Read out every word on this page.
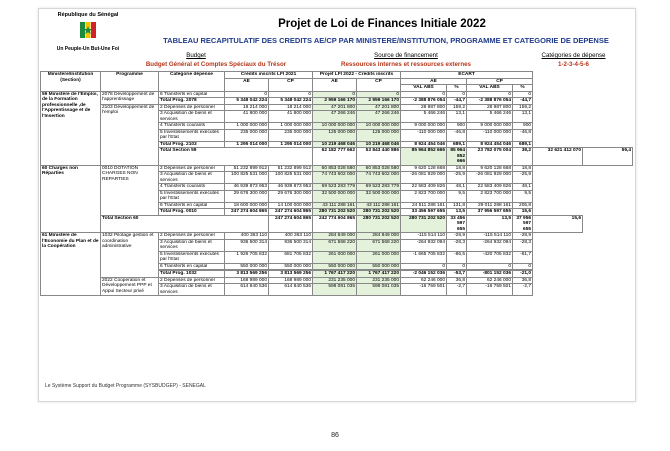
République du Sénégal
Un Peuple-Un But-Une Foi
Projet de Loi de Finances Initiale 2022
TABLEAU RECAPITULATIF DES CREDITS AE/CP PAR MINISTERE/INSTITUTION, PROGRAMME ET CATEGORIE DE DEPENSE
Budget	Source de financement	Catégories de dépense
Budget Général et Comptes Spéciaux du Trésor	Ressources internes et ressources externes	1-2-3-4-5-6
Ministère/Institution (Section)	Programme	Catégorie dépense	Crédits inscrits LFI 2021		Projet LFI 2022 - Crédits inscrits		ECART					
			AE	CP	AE	CP	AE		CP			
							VAL ABS	%	VAL ABS	%		
59 Ministère de l'Emploi, de la Formation professionnelle ,de l'Apprentissage et de l'Insertion	2078 Développement de l'apprentissage	6 Transferts en capital	0	0	0	0	0	0	0	0		
		Total Prog. 2078	5 348 042 224	5 348 042 224	2 959 166 170	2 959 166 170	-2 388 876 054	-44,7	-2 388 876 054	-44,7		
	2103 Développement de l'emploi	2 Dépenses de personnel	18 214 000	18 214 000	47 201 800	47 201 800	28 987 800	159,2	28 987 800	159,2		
		3 Acquisition de biens et services	41 800 000	41 800 000	47 266 246	47 266 246	5 466 246	13,1	5 466 246	13,1		
		4 Transferts courants	1 000 000 000	1 000 000 000	10 000 000 000	10 000 000 000	9 000 000 000	900	9 000 000 000	900		
		5 Investissements exécutés par l'Etat	235 000 000	235 000 000	125 000 000	125 000 000	-110 000 000	-46,8	-110 000 000	-46,8		
		Total Prog. 2103	1 295 014 000	1 295 014 000	10 219 468 046	10 219 468 046	8 924 454 046	689,1	8 924 454 046	689,1		
		Total Section 59			62 182 777 662	53 843 440 886	85 964 852 666	85 964 852 666	23 782 075 004	38,2	32 621 412 070	59,4
60 Charges non Réparties	0010 DOTATION CHARGES NON REPARTIES	2 Dépenses de personnel	51 232 899 912	51 232 899 912	60 853 028 580	60 853 028 580	9 620 128 668	18,8	9 620 128 668	18,8		
		3 Acquisition de biens et services	100 825 531 000	100 825 531 000	74 743 602 000	74 743 602 000	-26 081 929 000	-25,9	-26 081 929 000	-25,9		
		4 Transferts courants	46 939 873 953	46 939 873 953	69 523 283 779	69 523 283 779	22 583 409 826	48,1	22 583 409 826	48,1		
		5 Investissements exécutés par l'Etat	29 676 300 000	29 676 300 000	32 500 000 000	32 500 000 000	2 823 700 000	9,5	2 823 700 000	9,5		
		6 Transferts en capital	18 600 000 000	14 100 000 000	43 111 288 161	43 111 288 161	24 511 288 161	131,8	29 011 288 161	205,8		
		Total Prog. 0010	247 274 604 865	247 274 604 865	280 731 202 520	280 731 202 520	33 456 597 655	13,5	37 956 597 655	15,6		
	Total Section 60			247 274 604 865	242 774 604 865	280 731 202 520	280 731 202 520	33 456 597 655	13,5	37 956 597 655	15,6	
61 Ministère de l'Economie du Plan et de la Coopération	1032 Pilotage gestion et coordination administrative	2 Dépenses de personnel	400 363 110	400 363 110	284 849 000	284 849 000	-115 514 110	-28,9	-115 514 110	-28,9		
		3 Acquisition de biens et services	936 500 314	936 500 314	671 568 220	671 568 220	-264 932 094	-28,3	-264 932 094	-28,3		
		5 Investissements exécutés par l'Etat	1 926 705 832	681 705 832	261 000 000	261 000 000	-1 665 705 832	-86,5	-420 705 832	-61,7		
		6 Transferts en capital	550 000 000	550 000 000	550 000 000	550 000 000	0	0	0	0		

		Total Prog. 1032	3 813 569 256	3 813 569 256	1 767 417 220	1 767 417 220	-2 046 152 036	-53,7	-801 152 036	-21,0		
	2022 Coopération et Développement PPP et Appui Secteur privé	2 Dépenses de personnel	168 989 000	168 989 000	231 235 000	231 235 000	62 246 000	36,8	62 246 000	36,8		
		3 Acquisition de biens et services	614 840 536	614 840 536	598 081 035	598 081 035	-16 759 501	-2,7	-16 759 501	-2,7		
Le Système Support du Budget Programme (SYSBUDGEP) - SENEGAL
86
